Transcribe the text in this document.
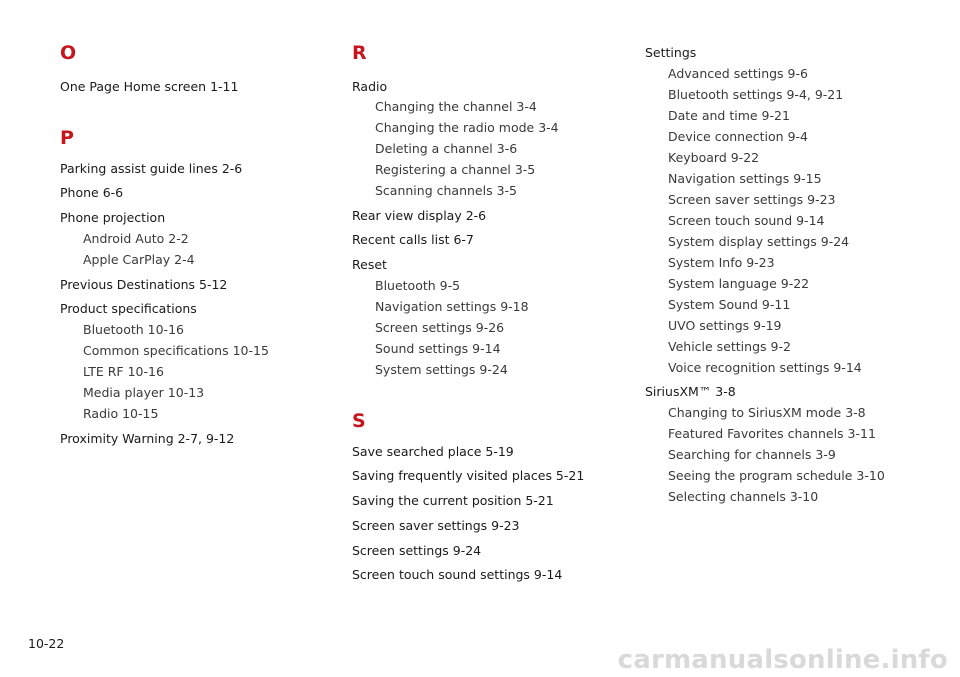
O
One Page Home screen 1-11
P
Parking assist guide lines 2-6
Phone 6-6
Phone projection
Android Auto 2-2
Apple CarPlay 2-4
Previous Destinations 5-12
Product specifications
Bluetooth 10-16
Common specifications 10-15
LTE RF 10-16
Media player 10-13
Radio 10-15
Proximity Warning 2-7, 9-12
R
Radio
Changing the channel 3-4
Changing the radio mode 3-4
Deleting a channel 3-6
Registering a channel 3-5
Scanning channels 3-5
Rear view display 2-6
Recent calls list 6-7
Reset
Bluetooth 9-5
Navigation settings 9-18
Screen settings 9-26
Sound settings 9-14
System settings 9-24
S
Save searched place 5-19
Saving frequently visited places 5-21
Saving the current position 5-21
Screen saver settings 9-23
Screen settings 9-24
Screen touch sound settings 9-14
Settings
Advanced settings 9-6
Bluetooth settings 9-4, 9-21
Date and time 9-21
Device connection 9-4
Keyboard 9-22
Navigation settings 9-15
Screen saver settings 9-23
Screen touch sound 9-14
System display settings 9-24
System Info 9-23
System language 9-22
System Sound 9-11
UVO settings 9-19
Vehicle settings 9-2
Voice recognition settings 9-14
SiriusXM™ 3-8
Changing to SiriusXM mode 3-8
Featured Favorites channels 3-11
Searching for channels 3-9
Seeing the program schedule 3-10
Selecting channels 3-10
10-22
carmanualsonline.info
